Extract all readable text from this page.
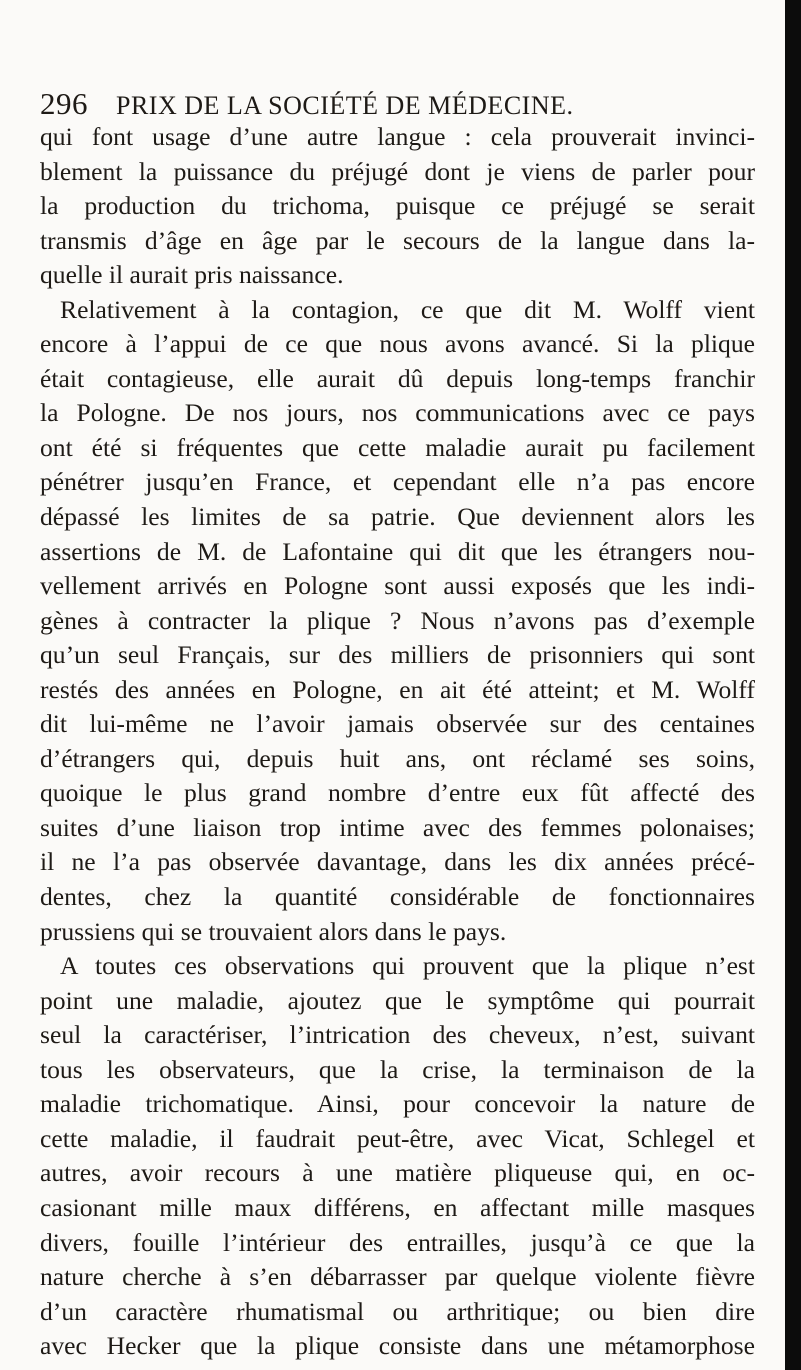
296 PRIX DE LA SOCIÉTÉ DE MÉDECINE.
qui font usage d’une autre langue : cela prouverait invinci-
blement la puissance du préjugé dont je viens de parler pour
la production du trichoma, puisque ce préjugé se serait
transmis d’âge en âge par le secours de la langue dans la-
quelle il aurait pris naissance.
Relativement à la contagion, ce que dit M. Wolff vient
encore à l’appui de ce que nous avons avancé. Si la plique
était contagieuse, elle aurait dû depuis long-temps franchir
la Pologne. De nos jours, nos communications avec ce pays
ont été si fréquentes que cette maladie aurait pu facilement
pénétrer jusqu’en France, et cependant elle n’a pas encore
dépassé les limites de sa patrie. Que deviennent alors les
assertions de M. de Lafontaine qui dit que les étrangers nou-
vellement arrivés en Pologne sont aussi exposés que les indi-
gènes à contracter la plique ? Nous n’avons pas d’exemple
qu’un seul Français, sur des milliers de prisonniers qui sont
restés des années en Pologne, en ait été atteint; et M. Wolff
dit lui-même ne l’avoir jamais observée sur des centaines
d’étrangers qui, depuis huit ans, ont réclamé ses soins,
quoique le plus grand nombre d’entre eux fût affecté des
suites d’une liaison trop intime avec des femmes polonaises;
il ne l’a pas observée davantage, dans les dix années précé-
dentes, chez la quantité considérable de fonctionnaires
prussiens qui se trouvaient alors dans le pays.
A toutes ces observations qui prouvent que la plique n’est
point une maladie, ajoutez que le symptôme qui pourrait
seul la caractériser, l’intrication des cheveux, n’est, suivant
tous les observateurs, que la crise, la terminaison de la
maladie trichomatique. Ainsi, pour concevoir la nature de
cette maladie, il faudrait peut-être, avec Vicat, Schlegel et
autres, avoir recours à une matière pliqueuse qui, en oc-
casionant mille maux différens, en affectant mille masques
divers, fouille l’intérieur des entrailles, jusqu’à ce que la
nature cherche à s’en débarrasser par quelque violente fièvre
d’un caractère rhumatismal ou arthritique; ou bien dire
avec Hecker que la plique consiste dans une métamorphose
